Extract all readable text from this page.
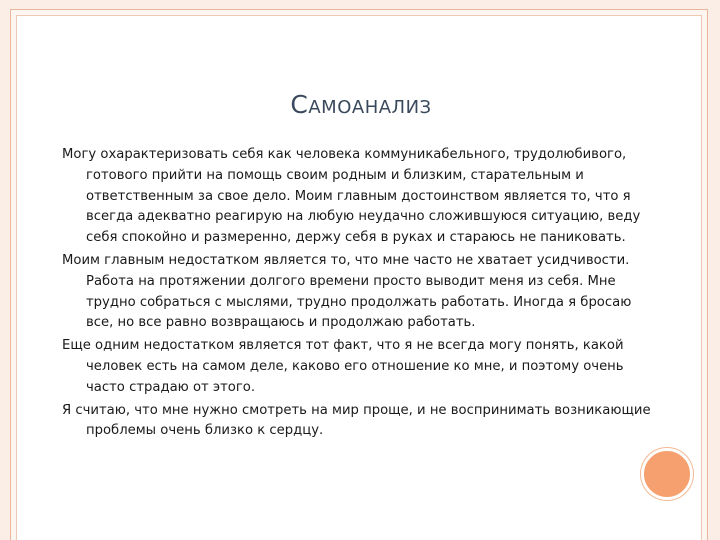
Самоанализ

Могу охарактеризовать себя как человека коммуникабельного, трудолюбивого, готового прийти на помощь своим родным и близким, старательным и ответственным за свое дело. Моим главным достоинством является то, что я всегда адекватно реагирую на любую неудачно сложившуюся ситуацию, веду себя спокойно и размеренно, держу себя в руках и стараюсь не паниковать.

Моим главным недостатком является то, что мне часто не хватает усидчивости. Работа на протяжении долгого времени просто выводит меня из себя. Мне трудно собраться с мыслями, трудно продолжать работать. Иногда я бросаю все, но все равно возвращаюсь и продолжаю работать.

Еще одним недостатком является тот факт, что я не всегда могу понять, какой человек есть на самом деле, каково его отношение ко мне, и поэтому очень часто страдаю от этого.

Я считаю, что мне нужно смотреть на мир проще, и не воспринимать возникающие проблемы очень близко к сердцу.
